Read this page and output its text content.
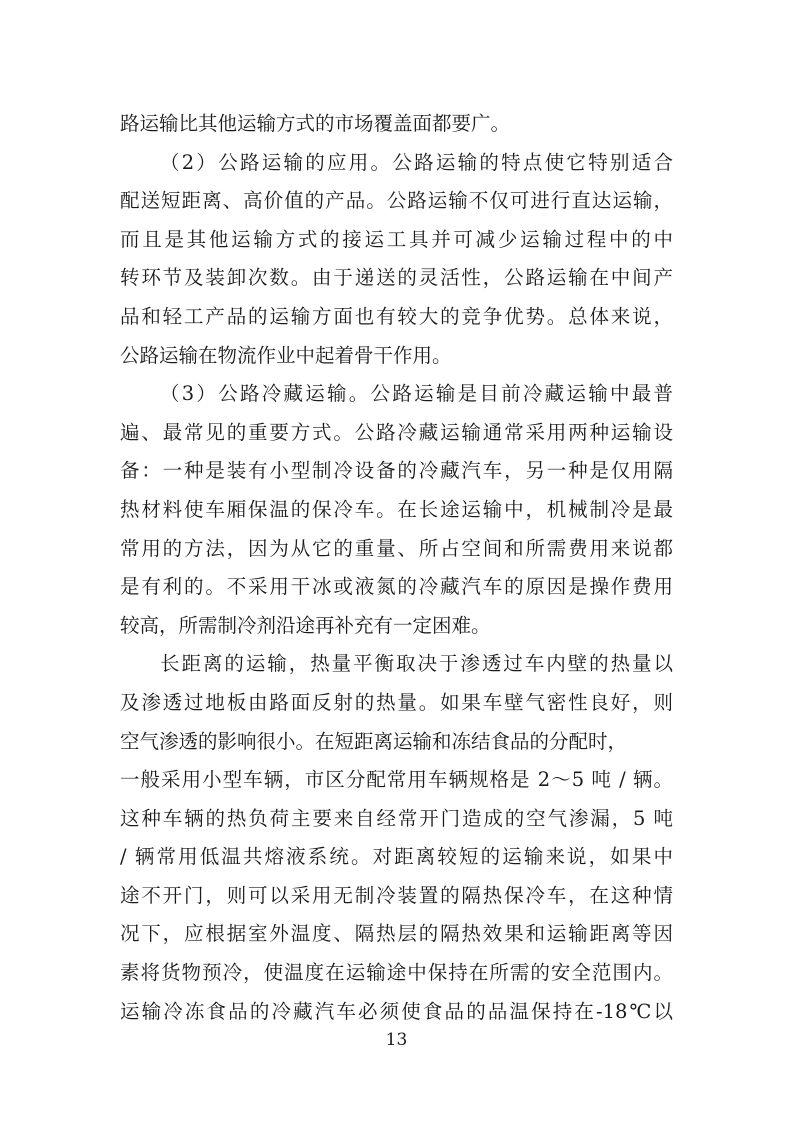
路运输比其他运输方式的市场覆盖面都要广。
（2）公路运输的应用。公路运输的特点使它特别适合
配送短距离、高价值的产品。公路运输不仅可进行直达运输，
而且是其他运输方式的接运工具并可减少运输过程中的中
转环节及装卸次数。由于递送的灵活性，公路运输在中间产
品和轻工产品的运输方面也有较大的竞争优势。总体来说，
公路运输在物流作业中起着骨干作用。
（3）公路冷藏运输。公路运输是目前冷藏运输中最普
遍、最常见的重要方式。公路冷藏运输通常采用两种运输设
备：一种是装有小型制冷设备的冷藏汽车，另一种是仅用隔
热材料使车厢保温的保冷车。在长途运输中，机械制冷是最
常用的方法，因为从它的重量、所占空间和所需费用来说都
是有利的。不采用干冰或液氮的冷藏汽车的原因是操作费用
较高，所需制冷剂沿途再补充有一定困难。
长距离的运输，热量平衡取决于渗透过车内壁的热量以
及渗透过地板由路面反射的热量。如果车壁气密性良好，则
空气渗透的影响很小。在短距离运输和冻结食品的分配时，
一般采用小型车辆，市区分配常用车辆规格是 2～5 吨 / 辆。
这种车辆的热负荷主要来自经常开门造成的空气渗漏，5 吨
/ 辆常用低温共熔液系统。对距离较短的运输来说，如果中
途不开门，则可以采用无制冷装置的隔热保冷车，在这种情
况下，应根据室外温度、隔热层的隔热效果和运输距离等因
素将货物预冷，使温度在运输途中保持在所需的安全范围内。
运输冷冻食品的冷藏汽车必须使食品的品温保持在-18℃以
13
